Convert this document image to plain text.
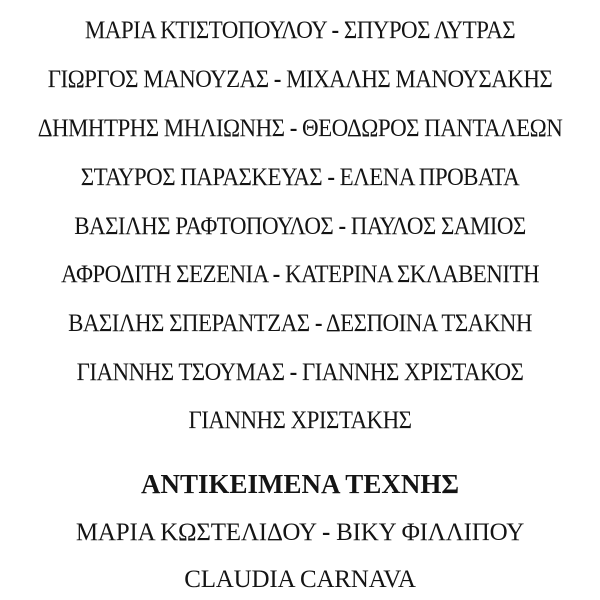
ΜΑΡΙΑ ΚΤΙΣΤΟΠΟΥΛΟΥ - ΣΠΥΡΟΣ ΛΥΤΡΑΣ
ΓΙΩΡΓΟΣ ΜΑΝΟΥΖΑΣ - ΜΙΧΑΛΗΣ ΜΑΝΟΥΣΑΚΗΣ
ΔΗΜΗΤΡΗΣ ΜΗΛΙΩΝΗΣ - ΘΕΟΔΩΡΟΣ ΠΑΝΤΑΛΕΩΝ
ΣΤΑΥΡΟΣ ΠΑΡΑΣΚΕΥΑΣ - ΕΛΕΝΑ ΠΡΟΒΑΤΑ
ΒΑΣΙΛΗΣ ΡΑΦΤΟΠΟΥΛΟΣ - ΠΑΥΛΟΣ ΣΑΜΙΟΣ
ΑΦΡΟΔΙΤΗ ΣΕΖΕΝΙΑ - ΚΑΤΕΡΙΝΑ ΣΚΛΑΒΕΝΙΤΗ
ΒΑΣΙΛΗΣ ΣΠΕΡΑΝΤΖΑΣ - ΔΕΣΠΟΙΝΑ ΤΣΑΚΝΗ
ΓΙΑΝΝΗΣ ΤΣΟΥΜΑΣ - ΓΙΑΝΝΗΣ ΧΡΙΣΤΑΚΟΣ
ΓΙΑΝΝΗΣ ΧΡΙΣΤΑΚΗΣ
ΑΝΤΙΚΕΙΜΕΝΑ ΤΕΧΝΗΣ
ΜΑΡΙΑ ΚΩΣΤΕΛΙΔΟΥ - ΒΙΚΥ ΦΙΛΛΙΠΟΥ
CLAUDIA CARNAVA
